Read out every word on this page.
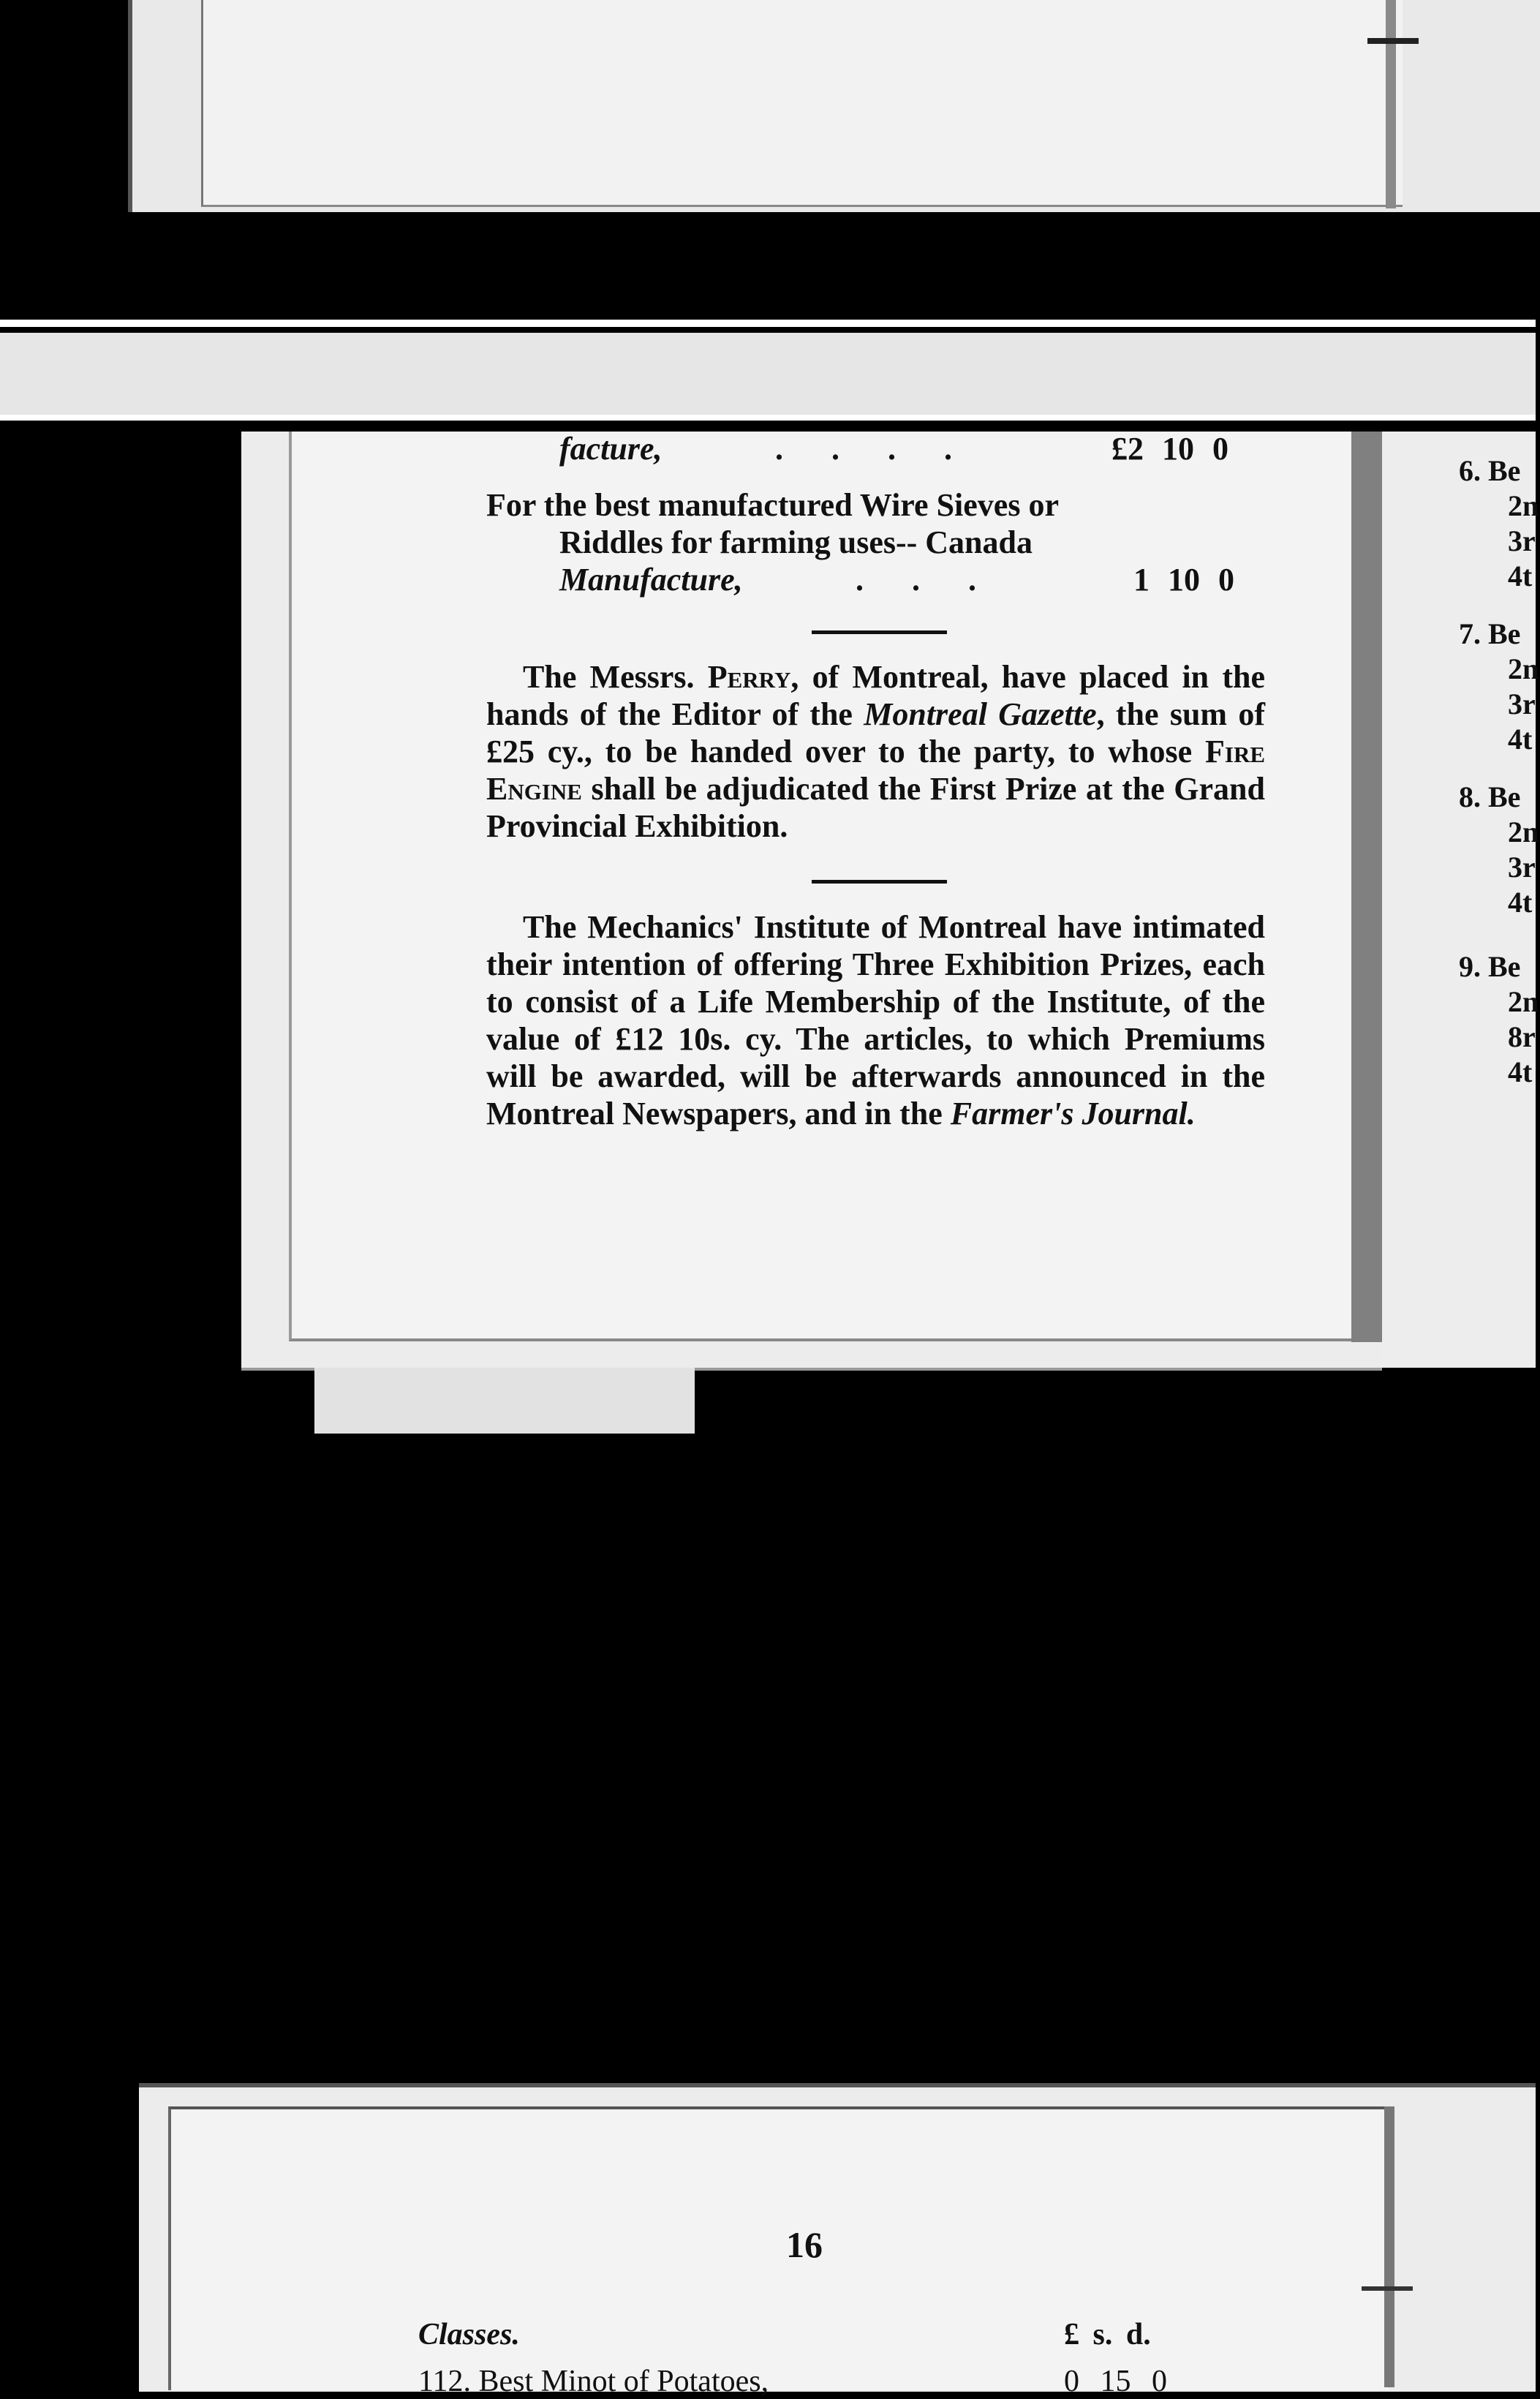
facture,	.      .      .      .	£2 10 0
For the best manufactured Wire Sieves or
Riddles for farming uses-- Canada
Manufacture,	.      .      .	1 10 0

The Messrs. Perry, of Montreal, have placed in the hands of the Editor of the Montreal Gazette, the sum of £25 cy., to be handed over to the party, to whose Fire Engine shall be adjudicated the First Prize at the Grand Provincial Exhibition.

The Mechanics' Institute of Montreal have intimated their intention of offering Three Exhibition Prizes, each to consist of a Life Membership of the Institute, of the value of £12 10s. cy. The articles, to which Premiums will be awarded, will be afterwards announced in the Montreal Newspapers, and in the Farmer's Journal.

6. Be
2n
3r
4t
7. Be
2n
3r
4t
8. Be
2n
3r
4t
9. Be
2n
8r
4t
16
Classes.	£ s. d.
112. Best Minot of Potatoes,	0 15 0
